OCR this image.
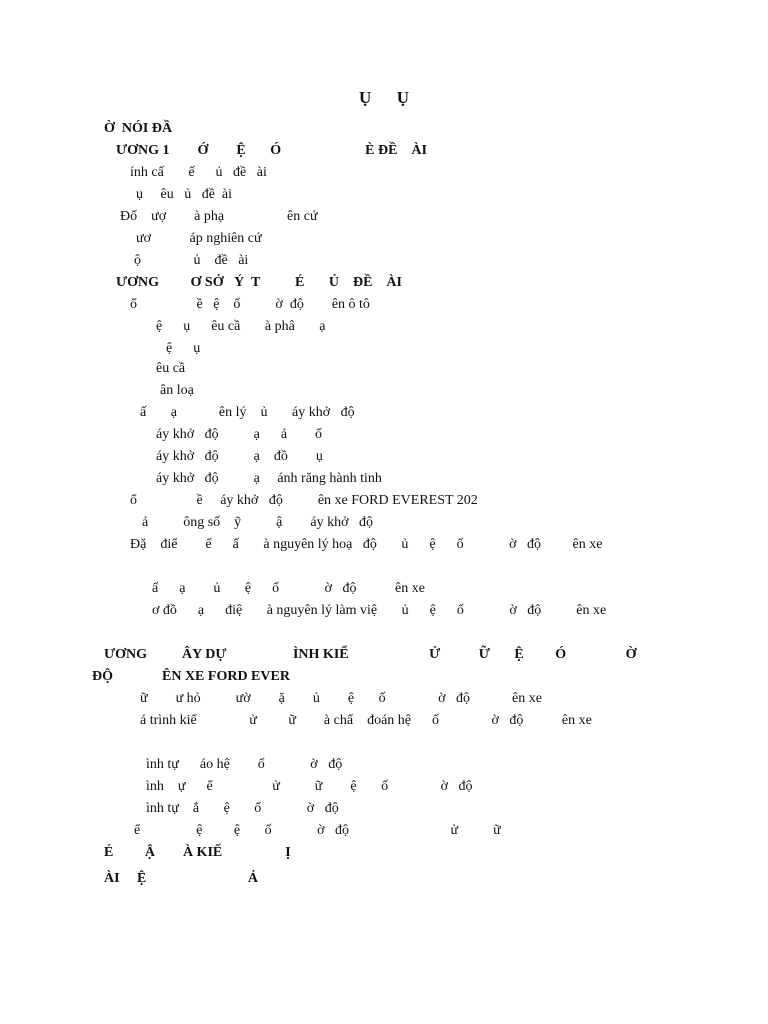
Ụ      Ụ
Ờ  NÓI ĐẦ
ƯƠNG 1        Ớ        Ệ       Ó                        È ĐỀ    ÀI
ính cấ       ế      ủ   đề   ài
ụ     êu   ủ   đề  ài
Đố    ượ        à phạ                  ên cứ
ươ           áp nghiên cứ
ộ               ủ    đề   ài
ƯƠNG         Ơ SỞ   Ý  T          É       Ủ    ĐỀ    ÀI
ổ                 ề   ệ    ố          ờ  độ        ên ô tô
ệ      ụ      êu cầ       à phâ       ạ
ệ      ụ
êu cầ
ân loạ
ấ       ạ            ên lý    ủ       áy khở   độ
áy khở   độ          ạ      ả        ố
áy khở   độ          ạ    đồ        ụ
áy khở   độ          ạ     ánh răng hành tinh
ổ                 ề     áy khở   độ          ên xe FORD EVEREST 202
ả          ông số    ỹ          ậ        áy khở   độ
Đặ    điể        ế      ấ       à nguyên lý hoạ   độ       ủ      ệ      ố             ờ   độ         ên xe
ấ      ạ        ủ       ệ      ố             ờ   độ           ên xe
ơ đồ      ạ      điệ       à nguyên lý làm việ       ủ      ệ      ố             ờ   độ          ên xe
ƯƠNG          ÂY DỰ                   ÌNH KIỂ                       Ử           Ữ       Ệ         Ó                 Ờ
ĐỘ              ÊN XE FORD EVER
ữ        ư hỏ          ườ        ặ        ủ        ệ       ố               ờ   độ            ên xe
á trình kiể               ử         ữ        à chẩ    đoán hệ      ố               ờ   độ           ên xe
ình tự      áo hệ        ố             ờ   độ
ình    ự      ể                 ử          ữ        ệ       ố               ờ   độ
ình tự    ắ       ệ       ố             ờ   độ
ể                ệ         ệ       ố             ờ   độ                             ử          ữ
É         Ậ        À KIẾ                  Ị
ÀI     Ệ                             Ả
